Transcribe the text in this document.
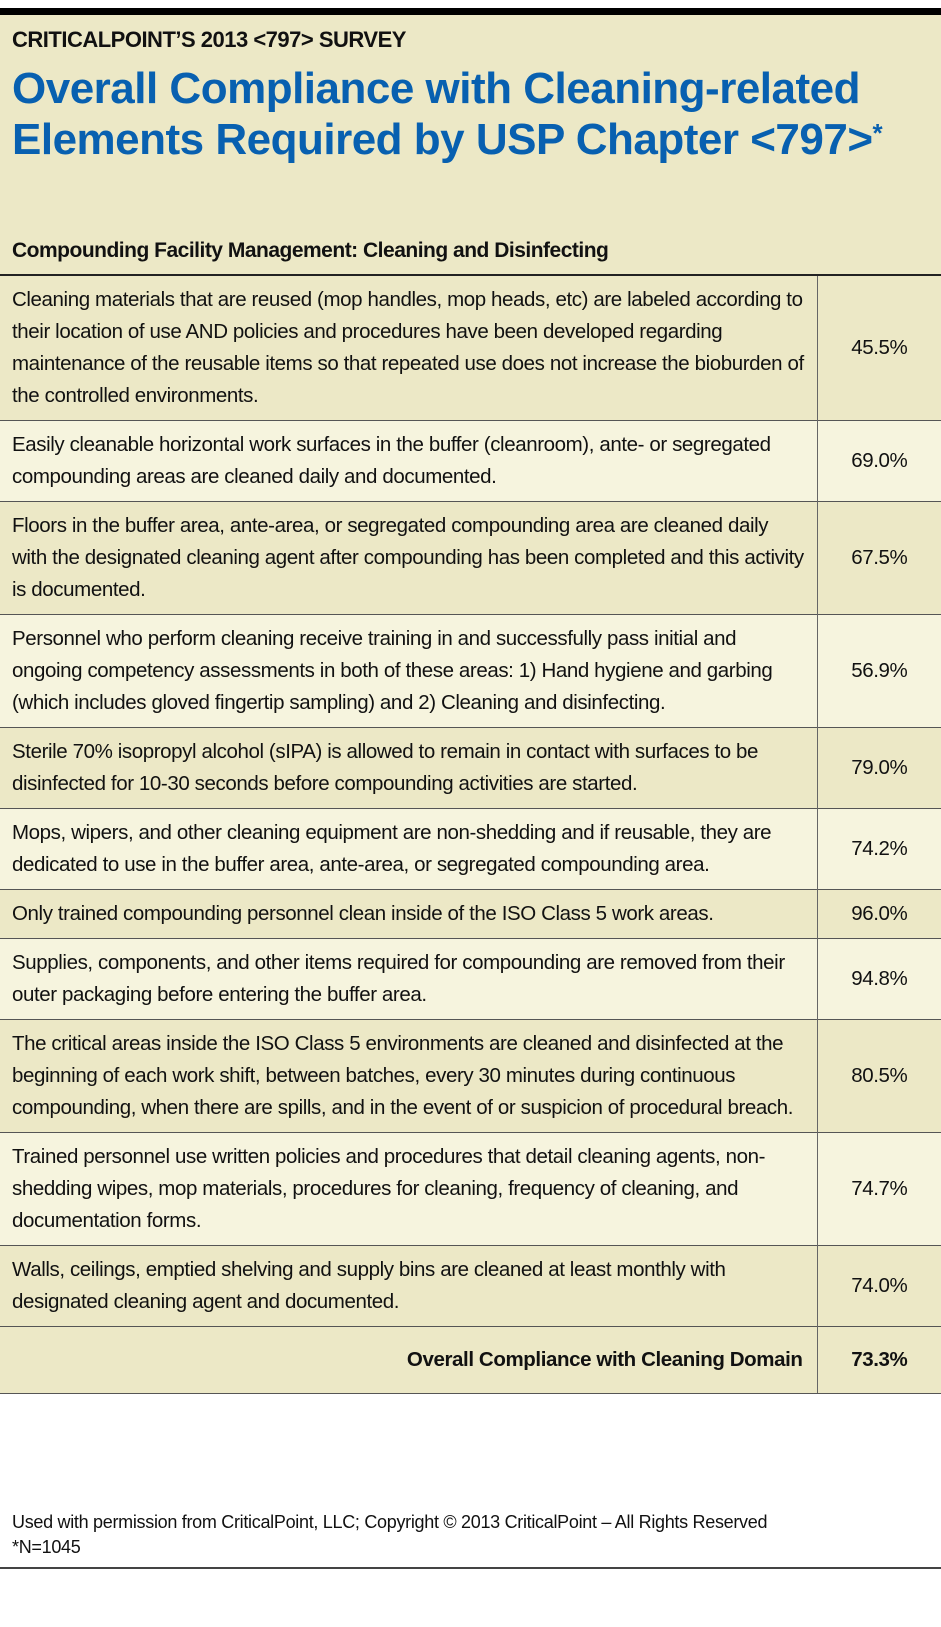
CRITICALPOINT’S 2013 <797> SURVEY
Overall Compliance with Cleaning-related Elements Required by USP Chapter <797>*
Compounding Facility Management: Cleaning and Disinfecting
Cleaning materials that are reused (mop handles, mop heads, etc) are labeled according to their location of use AND policies and procedures have been developed regarding maintenance of the reusable items so that repeated use does not increase the bioburden of the controlled environments.	45.5%
Easily cleanable horizontal work surfaces in the buffer (cleanroom), ante- or segregated compounding areas are cleaned daily and documented.	69.0%
Floors in the buffer area, ante-area, or segregated compounding area are cleaned daily with the designated cleaning agent after compounding has been completed and this activity is documented.	67.5%
Personnel who perform cleaning receive training in and successfully pass initial and ongoing competency assessments in both of these areas: 1) Hand hygiene and garbing (which includes gloved fingertip sampling) and 2) Cleaning and disinfecting.	56.9%
Sterile 70% isopropyl alcohol (sIPA) is allowed to remain in contact with surfaces to be disinfected for 10-30 seconds before compounding activities are started.	79.0%
Mops, wipers, and other cleaning equipment are non-shedding and if reusable, they are dedicated to use in the buffer area, ante-area, or segregated compounding area.	74.2%
Only trained compounding personnel clean inside of the ISO Class 5 work areas.	96.0%
Supplies, components, and other items required for compounding are removed from their outer packaging before entering the buffer area.	94.8%
The critical areas inside the ISO Class 5 environments are cleaned and disinfected at the beginning of each work shift, between batches, every 30 minutes during continuous compounding, when there are spills, and in the event of or suspicion of procedural breach.	80.5%
Trained personnel use written policies and procedures that detail cleaning agents, non-shedding wipes, mop materials, procedures for cleaning, frequency of cleaning, and documentation forms.	74.7%
Walls, ceilings, emptied shelving and supply bins are cleaned at least monthly with designated cleaning agent and documented.	74.0%
Overall Compliance with Cleaning Domain	73.3%
Used with permission from CriticalPoint, LLC; Copyright © 2013 CriticalPoint – All Rights Reserved
*N=1045
